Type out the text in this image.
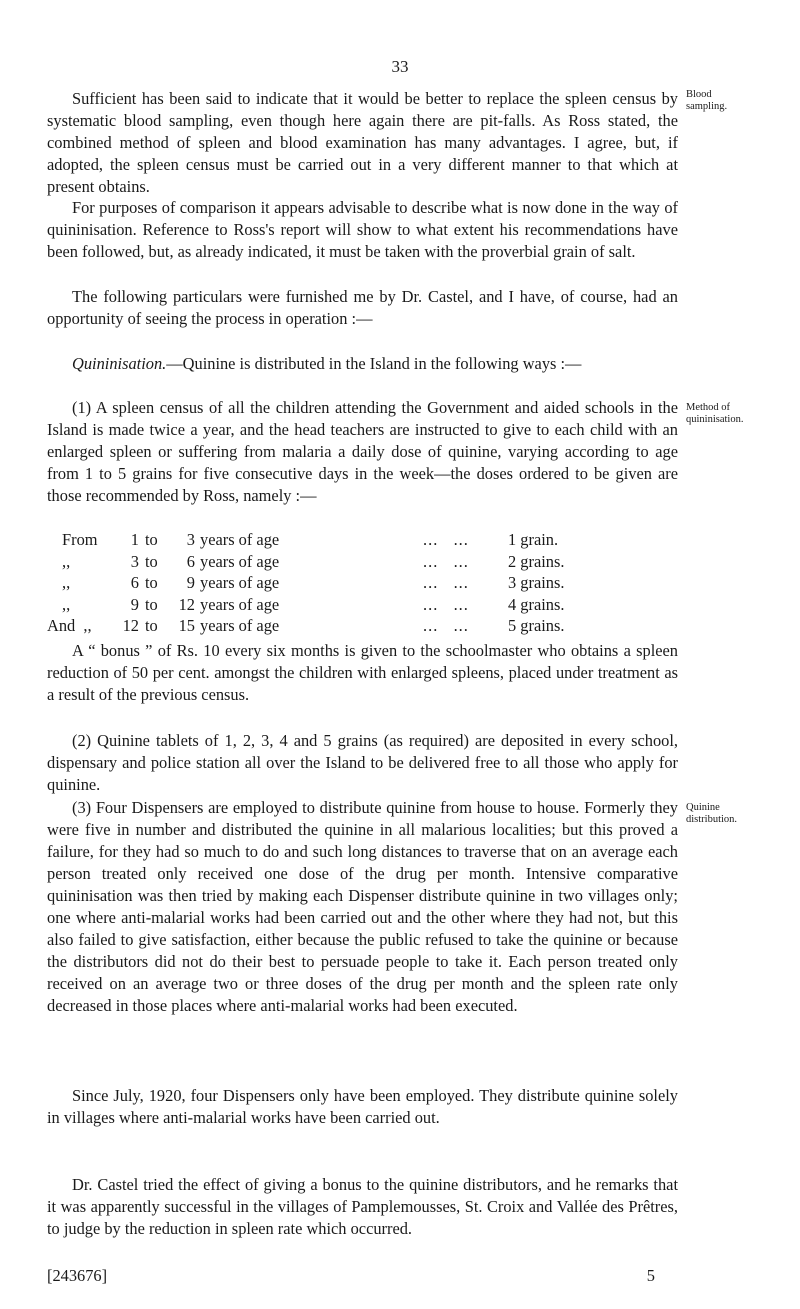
33

Sufficient has been said to indicate that it would be better to replace the spleen census by systematic blood sampling, even though here again there are pit-falls. As Ross stated, the combined method of spleen and blood examination has many advantages. I agree, but, if adopted, the spleen census must be carried out in a very different manner to that which at present obtains.

Blood
sampling.

For purposes of comparison it appears advisable to describe what is now done in the way of quininisation. Reference to Ross's report will show to what extent his recommendations have been followed, but, as already indicated, it must be taken with the proverbial grain of salt.

The following particulars were furnished me by Dr. Castel, and I have, of course, had an opportunity of seeing the process in operation :—

Quininisation.—Quinine is distributed in the Island in the following ways :—

(1) A spleen census of all the children attending the Government and aided schools in the Island is made twice a year, and the head teachers are instructed to give to each child with an enlarged spleen or suffering from malaria a daily dose of quinine, varying according to age from 1 to 5 grains for five consecutive days in the week—the doses ordered to be given are those recommended by Ross, namely :—

Method of
quininisation.
From	1 to	3 years of age	...   ... 1 grain.
,,	3 to	6 years of age	...   ... 2 grains.
,,	6 to	9 years of age	...   ... 3 grains.
,,	9 to	12 years of age	...   ... 4 grains.
And  ,,	12 to	15 years of age	...   ... 5 grains.

A “ bonus ” of Rs. 10 every six months is given to the schoolmaster who obtains a spleen reduction of 50 per cent. amongst the children with enlarged spleens, placed under treatment as a result of the previous census.

(2) Quinine tablets of 1, 2, 3, 4 and 5 grains (as required) are deposited in every school, dispensary and police station all over the Island to be delivered free to all those who apply for quinine.

(3) Four Dispensers are employed to distribute quinine from house to house. Formerly they were five in number and distributed the quinine in all malarious localities; but this proved a failure, for they had so much to do and such long distances to traverse that on an average each person treated only received one dose of the drug per month. Intensive comparative quininisation was then tried by making each Dispenser distribute quinine in two villages only; one where anti-malarial works had been carried out and the other where they had not, but this also failed to give satisfaction, either because the public refused to take the quinine or because the distributors did not do their best to persuade people to take it. Each person treated only received on an average two or three doses of the drug per month and the spleen rate only decreased in those places where anti-malarial works had been executed.

Quinine
distribution.

Since July, 1920, four Dispensers only have been employed. They distribute quinine solely in villages where anti-malarial works have been carried out.

Dr. Castel tried the effect of giving a bonus to the quinine distributors, and he remarks that it was apparently successful in the villages of Pamplemousses, St. Croix and Vallée des Prêtres, to judge by the reduction in spleen rate which occurred.

[243676]	5
